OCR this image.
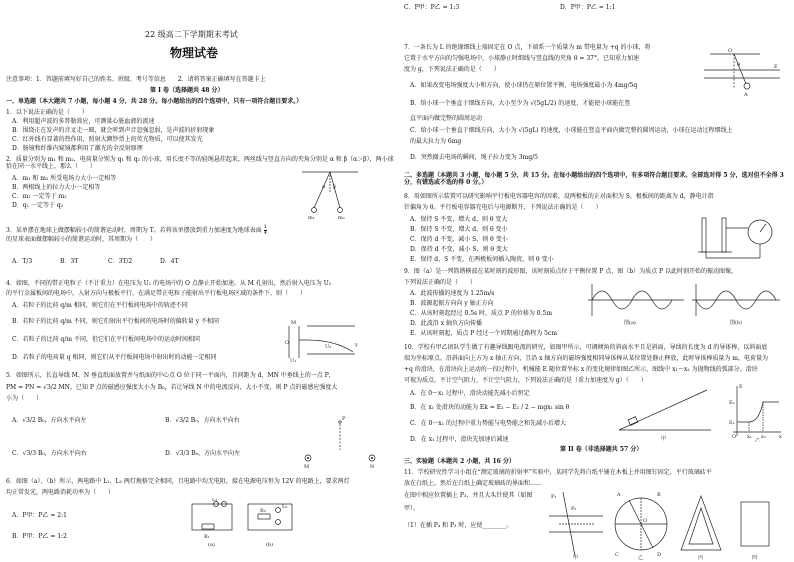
22 级高二下学期期末考试
物理试卷
注意事项：1．答题前填写好自己的姓名、班级、考号等信息　　2．请将答案正确填写在答题卡上
第 I 卷（选择题共 48 分）
一、单选题（本大题共 7 小题，每小题 4 分，共 28 分。每小题给出的四个选项中，只有一项符合题目要求。）
1．以下说法正确的是（　　）
A．利用超声波的多普勒效应，可测量心脏血液的流速
B．围绕正在发声的音叉走一圈，就会听到声音忽强忽弱，是声波的折射现象
C．红外线有显著的热作用，照射大额钞票上的荧光物质，可以使其发光
D．肠镜和纤维内窥镜都利用了激光的全反射原理
2．质量分别为 m₁ 和 m₂，电荷量分别为 q₁ 和 q₂ 的小球，用长度不等的轻绳悬挂起来，两丝线与竖直方向的夹角分别是 α 和 β（α＞β），两小球恰在同一水平线上，那么（　　）
A．m₁ 和 m₂ 所受电场力大小一定相等
B．两根线上的拉力大小一定相等
C．m₁ 一定等于 m₂
D．q₁ 一定等于 q₂
m₁	m₂
α β
3．某单摆在地球上做摆幅较小的简谐运动时，周期为 T。若将该单摆放到重力加速度为地球表面 $\frac{1}{4}$
的星球表面做摆幅较小的简谐运动时，其周期为（　　）
A．T/3	B．3T	C．3T/2	D．4T
4．如图，不同的带正电粒子（不计重力）在电压为 U₁ 的电场中的 O 点静止开始加速。从 M 孔射出，然后射入电压为 U₂
的平行金属板间的电场中，入射方向与极板平行，在满足带正电粒子能射出平行板电场区域的条件下，则（　　）
A．若粒子的比荷 q/m 相同，则它们在平行板间电场中的轨迹不同
B．若粒子的比荷 q/m 不同，则它们射出平行板间的电场时的偏转量 y 不相同
C．若粒子的比荷 q/m 不同，但它们在平行板间电场中的运动时间相同
D．若粒子的电荷量 q 相同，则它们从平行板间电场中射出时的动能一定相同
M
O
U₁
U₂	y
5．如图所示，长直导线 M、N 垂直纸面放置并与纸面的中心点 O 位于同一平面内，且间距为 d，MN 中垂线上的一点 P，
PM = PN = √3/2 MN。已知 P 点的磁感应强度大小为 B₀，若让导线 N 中的电流反向，大小不变，则 P 点的磁感应强度大
小为（　　）
A．√3/2 B₀，方向水平向左	B．√3/2 B₀，方向水平向右
C．√3/3 B₀，方向水平向右	D．√3/3 B₀，方向水平向左
P
M	N
6．如图（a）、（b）所示，两电路中 L₁、L₂ 两灯规格完全相同，且电路中均无电阻，接在电源电压恒为 12V 的电路上，要求两灯
均正常发光，两电路消耗功率为（　　）
A．P甲：P乙 = 2:1
B．P甲：P乙 = 1:2	R₁
L₁
R₂
L₂
(a)	(b)
C．P甲：P乙 = 1:3	D．P甲：P乙 = 1:1
7．一条长为 L 的绝缘细线上端固定在 O 点，下端系一个质量为 m 带电量为 +q 的小球，将
它置于水平方向的匀强电场中，小球静止时细线与竖直线的夹角 θ = 37°。已知重力加速
度为 g，下列说法正确的是（　　）
A．如果改变电场强度大小和方向，使小球仍在原位置平衡，电场强度最小为 4mg/5q
B．给小球一个垂直于细线方向，大小至少为 √(5gL/2) 的速度，才能使小球能在竖
直平面内做完整的圆周运动
C．给小球一个垂直于细线方向，大小为 √(5gL) 的速度，小球能在竖直平面内做完整的圆周运动，小球在运动过程细线上
的最大拉力为 6mg
D．突然撤去电场的瞬间，绳子拉力变为 3mg/5
O
E
A
θ
二、多选题（本题共 3 小题，每小题 5 分，共 15 分。在每小题给出的四个选项中，有多项符合题目要求。全部选对得 5 分，选对但不全得 3 分，有错选或不选的得 0 分。）
8．用如图所示装置可以研究影响平行板电容器电容的因素，设两极板的正对面积为 S，极板间的距离为 d，静电计指
针偏角为 θ。平行板电容器充电后与电源断开，下列说法正确的是（　　）
A．保持 S 不变，增大 d，则 θ 变大
B．保持 S 不变，增大 d，则 θ 变小
C．保持 d 不变，减小 S，则 θ 变小
D．保持 d 不变，减小 S，则 θ 变大
E．保持 d、S 不变，在两极板间插入陶瓷，则 θ 变小
9．图（a）是一列简谐横波在某时刻的波形图，该时刻质点位于平衡位置 P 点，图（b）为质点 P 以此时刻开始的振动图像，
下列说法正确的是（　　）
A．此波传播的速度为 1.25m/s
B．波源起振方向向 y 轴正方向
C．从该时刻起经过 0.5s 时，质点 P 的位移为 0.5m
D．此波沿 x 轴负方向传播
E．从该时刻起，质点 P 经过一个周期通过路程为 5cm
图(a)	图(b)
10．学校有甲乙团队学生做了有趣导线跟电流的研究，如图甲所示，可调倾角的斜面水平且是斜面，导线的长度为 d 的导体棒，以斜面底
端为坐标原点，沿斜面向上方为 x 轴正方向，且沿 x 轴方向的磁场强度相同导体棒从某位置处静止释放，此时导体棒质量为 m，电荷量为
+q 的滑块，在滑块向上运动的一段过程中，机械能 E 随位置坐标 x 的变化规律如图乙所示，图线中 x₁～x₂ 为抛物线的弧部分。滑块
可视为质点，不计空气阻力，不计空气阻力，下列说法正确的是（重力加速度为 g）（　　）
A．在 0～x₁ 过程中，滑块动能先减小后恒定
B．在 x₁ 处滑块的动能为 Ek = E₂ − E₁ / 2 − mgx₁ sin θ
C．在 0～x₁ 的过程中重力势能与电势能之和先减小后增大
D．在 x₁ 过程中，滑块先加速后减速	甲	乙
E
x
E₁
E₂
x₁ x₂
O
第 II 卷（非选择题共 57 分）
三、实验题（本题共 2 小题，共 16 分）
11．学校研究性学习小组在“测定玻璃的折射率”实验中，某同学先将白纸平铺在木板上并用图钉固定，平行玻璃砖平
放在白纸上，然后在白纸上确定玻璃砖的界面和……
在图中相应位置插上 P₃，并且大头针使其（如图
甲）。
（1）在插 P₄ 和 P₃ 时，应使________。
P₁
P₂
A	B
C	D
O
甲	乙	丙	四
